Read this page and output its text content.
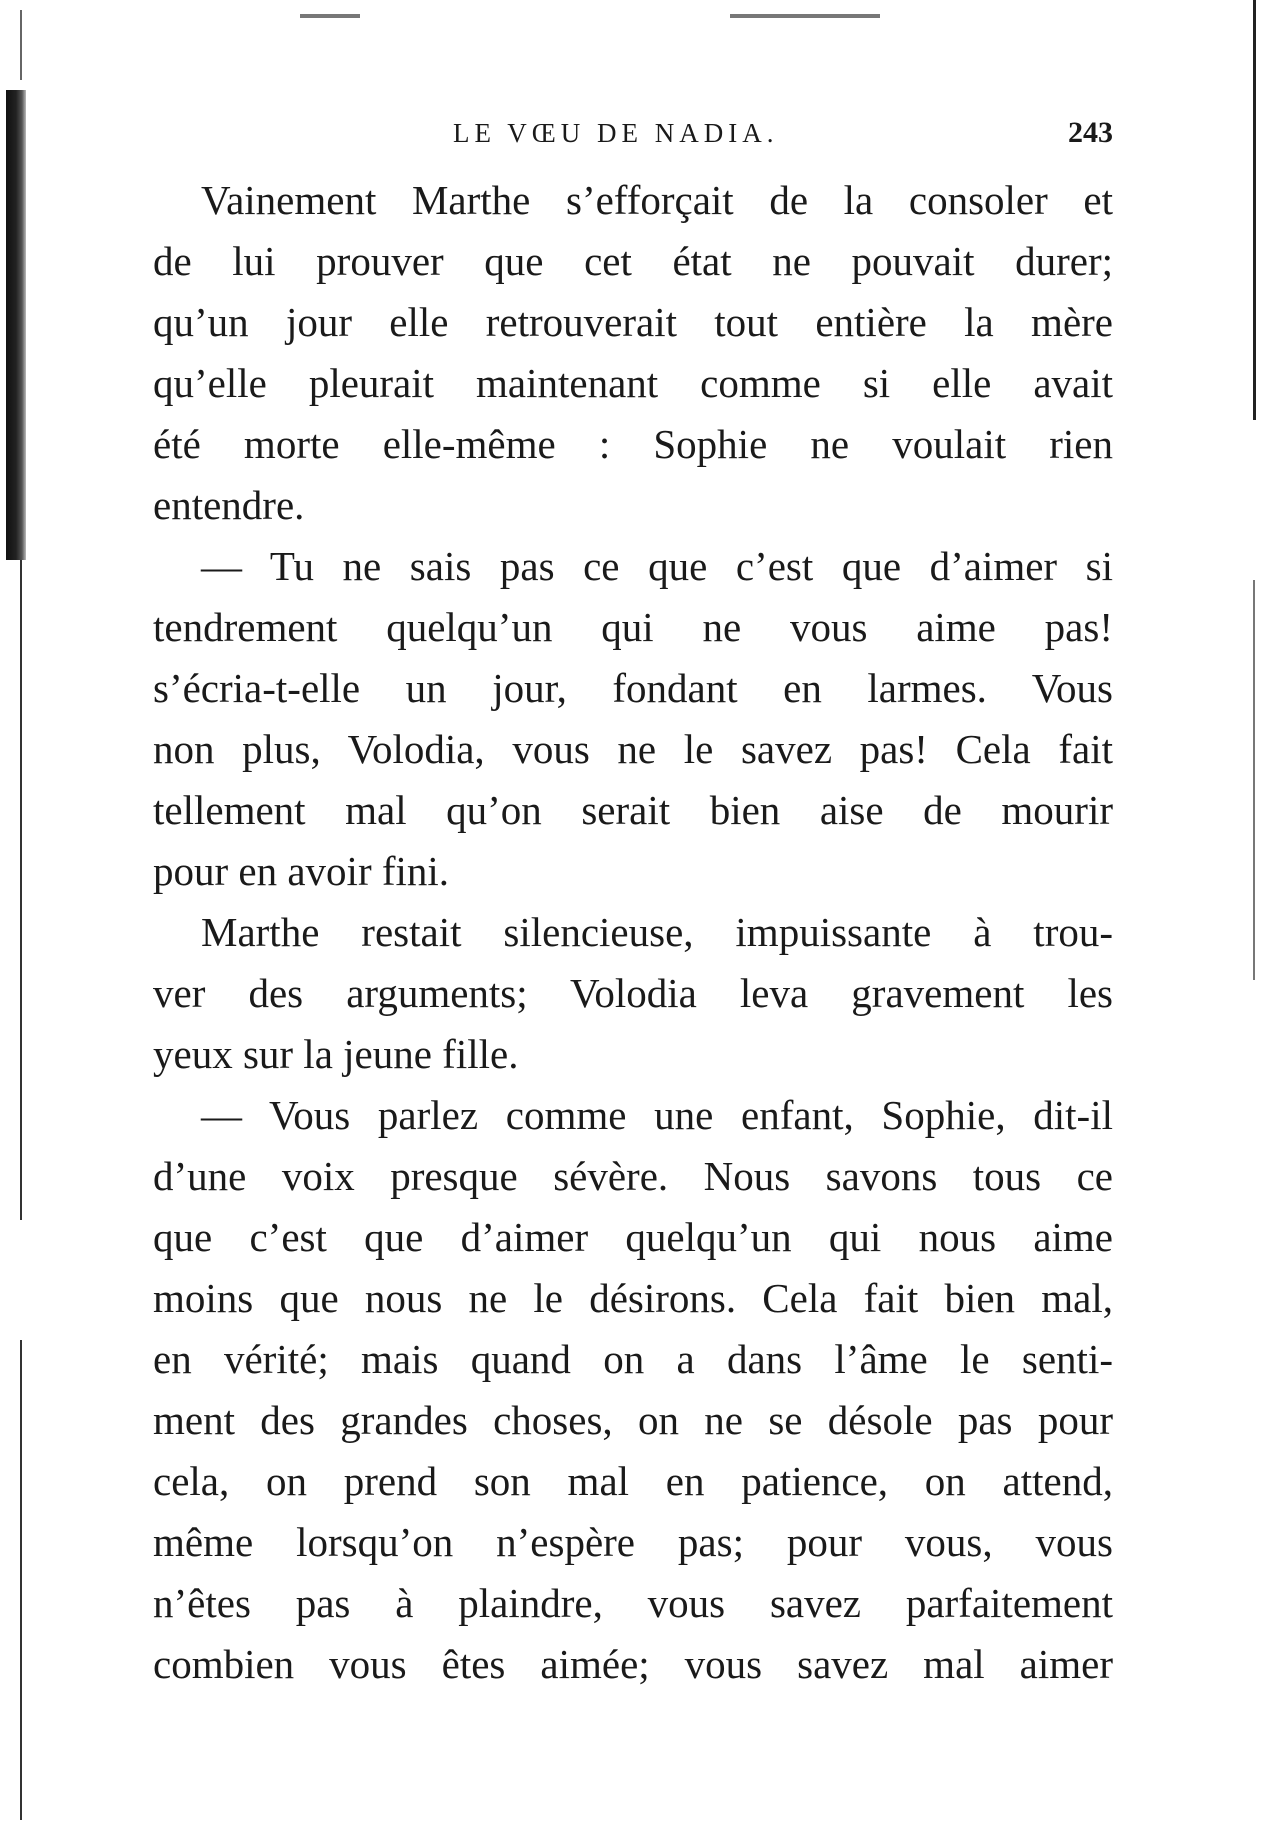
LE VŒU DE NADIA.	243
Vainement Marthe s’efforçait de la consoler et
de lui prouver que cet état ne pouvait durer;
qu’un jour elle retrouverait tout entière la mère
qu’elle pleurait maintenant comme si elle avait
été morte elle-même : Sophie ne voulait rien
entendre.
— Tu ne sais pas ce que c’est que d’aimer si
tendrement quelqu’un qui ne vous aime pas!
s’écria-t-elle un jour, fondant en larmes. Vous
non plus, Volodia, vous ne le savez pas! Cela fait
tellement mal qu’on serait bien aise de mourir
pour en avoir fini.
Marthe restait silencieuse, impuissante à trou-
ver des arguments; Volodia leva gravement les
yeux sur la jeune fille.
— Vous parlez comme une enfant, Sophie, dit-il
d’une voix presque sévère. Nous savons tous ce
que c’est que d’aimer quelqu’un qui nous aime
moins que nous ne le désirons. Cela fait bien mal,
en vérité; mais quand on a dans l’âme le senti-
ment des grandes choses, on ne se désole pas pour
cela, on prend son mal en patience, on attend,
même lorsqu’on n’espère pas; pour vous, vous
n’êtes pas à plaindre, vous savez parfaitement
combien vous êtes aimée; vous savez mal aimer
